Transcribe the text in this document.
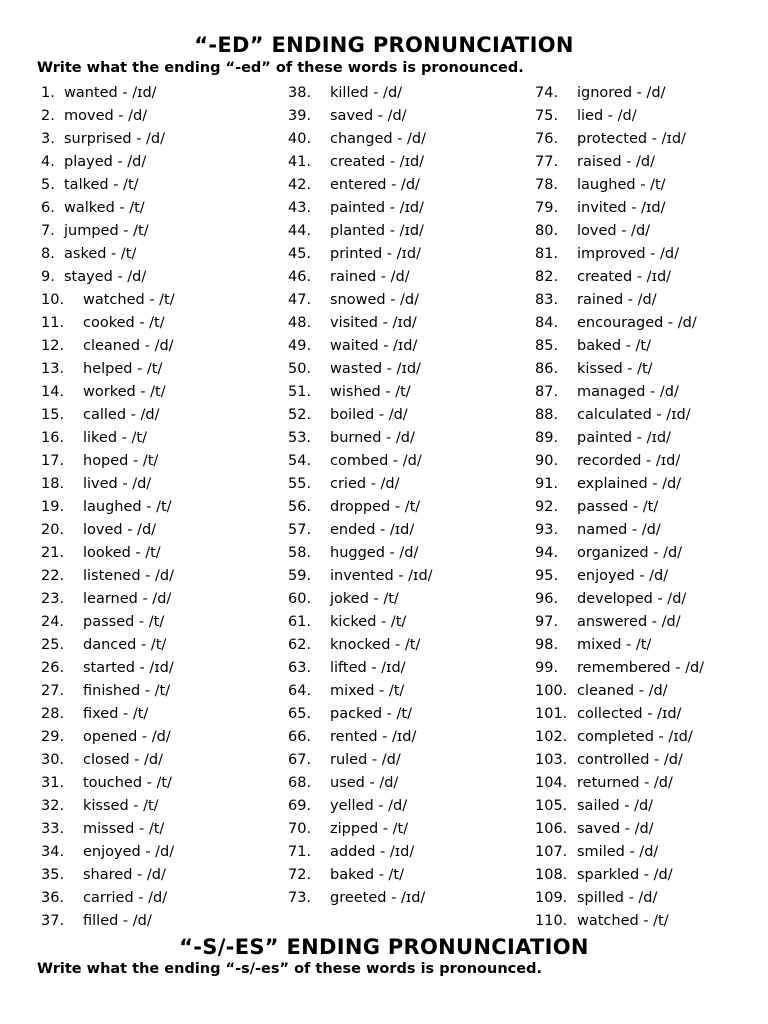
“-ED” ENDING PRONUNCIATION
Write what the ending “-ed” of these words is pronounced.
1. wanted - /ɪd/
2. moved - /d/
3. surprised - /d/
4. played - /d/
5. talked - /t/
6. walked - /t/
7. jumped - /t/
8. asked - /t/
9. stayed - /d/
10. watched - /t/
11. cooked - /t/
12. cleaned - /d/
13. helped - /t/
14. worked - /t/
15. called - /d/
16. liked - /t/
17. hoped - /t/
18. lived - /d/
19. laughed - /t/
20. loved - /d/
21. looked - /t/
22. listened - /d/
23. learned - /d/
24. passed - /t/
25. danced - /t/
26. started - /ɪd/
27. finished - /t/
28. fixed - /t/
29. opened - /d/
30. closed - /d/
31. touched - /t/
32. kissed - /t/
33. missed - /t/
34. enjoyed - /d/
35. shared - /d/
36. carried - /d/
37. filled - /d/
38. killed - /d/
39. saved - /d/
40. changed - /d/
41. created - /ɪd/
42. entered - /d/
43. painted - /ɪd/
44. planted - /ɪd/
45. printed - /ɪd/
46. rained - /d/
47. snowed - /d/
48. visited - /ɪd/
49. waited - /ɪd/
50. wasted - /ɪd/
51. wished - /t/
52. boiled - /d/
53. burned - /d/
54. combed - /d/
55. cried - /d/
56. dropped - /t/
57. ended - /ɪd/
58. hugged - /d/
59. invented - /ɪd/
60. joked - /t/
61. kicked - /t/
62. knocked - /t/
63. lifted - /ɪd/
64. mixed - /t/
65. packed - /t/
66. rented - /ɪd/
67. ruled - /d/
68. used - /d/
69. yelled - /d/
70. zipped - /t/
71. added - /ɪd/
72. baked - /t/
73. greeted - /ɪd/
74. ignored - /d/
75. lied - /d/
76. protected - /ɪd/
77. raised - /d/
78. laughed - /t/
79. invited - /ɪd/
80. loved - /d/
81. improved - /d/
82. created - /ɪd/
83. rained - /d/
84. encouraged - /d/
85. baked - /t/
86. kissed - /t/
87. managed - /d/
88. calculated - /ɪd/
89. painted - /ɪd/
90. recorded - /ɪd/
91. explained - /d/
92. passed - /t/
93. named - /d/
94. organized - /d/
95. enjoyed - /d/
96. developed - /d/
97. answered - /d/
98. mixed - /t/
99. remembered - /d/
100. cleaned - /d/
101. collected - /ɪd/
102. completed - /ɪd/
103. controlled - /d/
104. returned - /d/
105. sailed - /d/
106. saved - /d/
107. smiled - /d/
108. sparkled - /d/
109. spilled - /d/
110. watched - /t/
“-S/-ES” ENDING PRONUNCIATION
Write what the ending “-s/-es” of these words is pronounced.
